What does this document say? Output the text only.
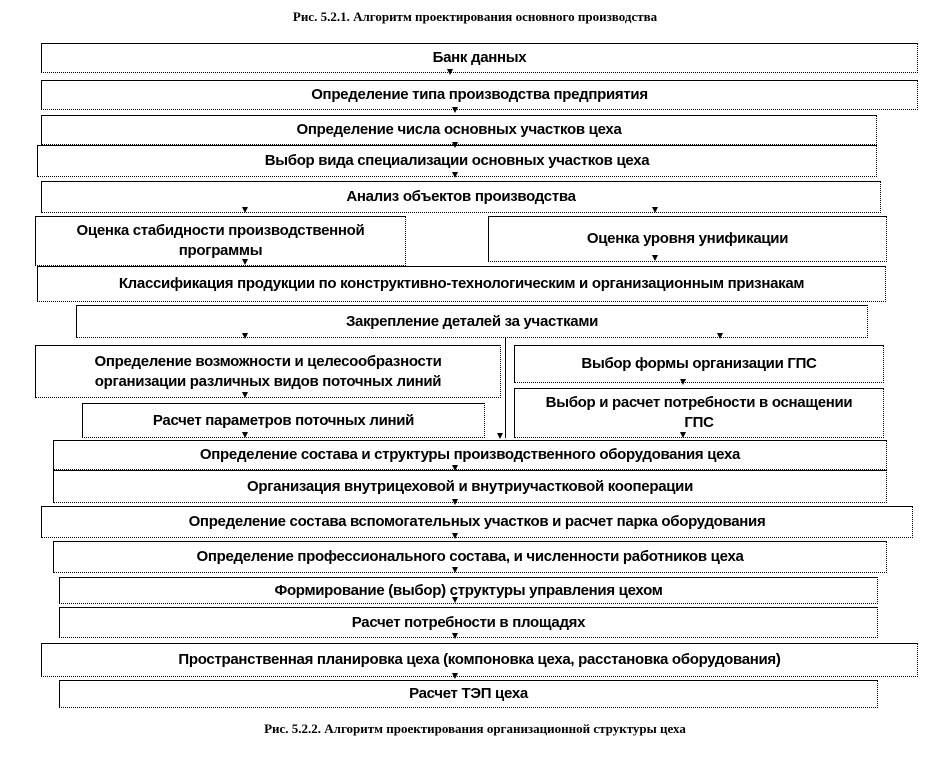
Рис. 5.2.1. Алгоритм проектирования основного производства
Банк данных
Определение типа производства предприятия
Определение числа основных участков цеха
Выбор вида специализации основных участков цеха
Анализ объектов производства
Оценка стабидности производственной программы
Оценка уровня унификации
Классификация продукции по конструктивно-технологическим и организационным признакам
Закрепление деталей за участками
Определение возможности и целесообразности организации различных видов поточных линий
Выбор формы организации ГПС
Расчет параметров поточных линий
Выбор и расчет потребности в оснащении ГПС
Определение состава и структуры производственного оборудования цеха
Организация внутрицеховой и внутриучастковой кооперации
Определение состава вспомогательных участков и расчет парка оборудования
Определение профессионального состава, и численности работников цеха
Формирование (выбор) структуры управления цехом
Расчет потребности в площадях
Пространственная планировка цеха (компоновка цеха, расстановка оборудования)
Расчет ТЭП цеха
Рис. 5.2.2. Алгоритм проектирования организационной структуры цеха
